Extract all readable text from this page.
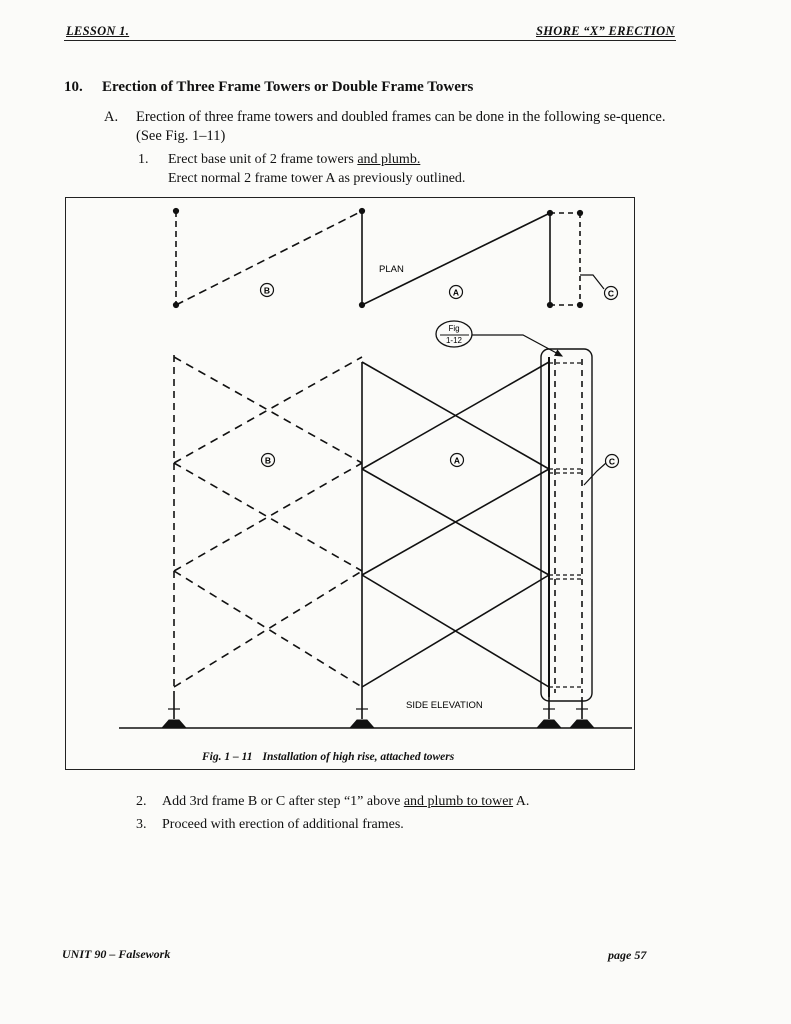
LESSON 1.	SHORE “X” ERECTION
10. Erection of Three Frame Towers or Double Frame Towers
A. Erection of three frame towers and doubled frames can be done in the following se-quence. (See Fig. 1–11)
1. Erect base unit of 2 frame towers and plumb.
Erect normal 2 frame tower A as previously outlined.
PLAN
B	A	C
Fig
1-12
B	A	C
SIDE ELEVATION
Fig. 1 – 11 Installation of high rise, attached towers
2. Add 3rd frame B or C after step “1” above and plumb to tower A.
3. Proceed with erection of additional frames.
UNIT 90 – Falsework	page 57
